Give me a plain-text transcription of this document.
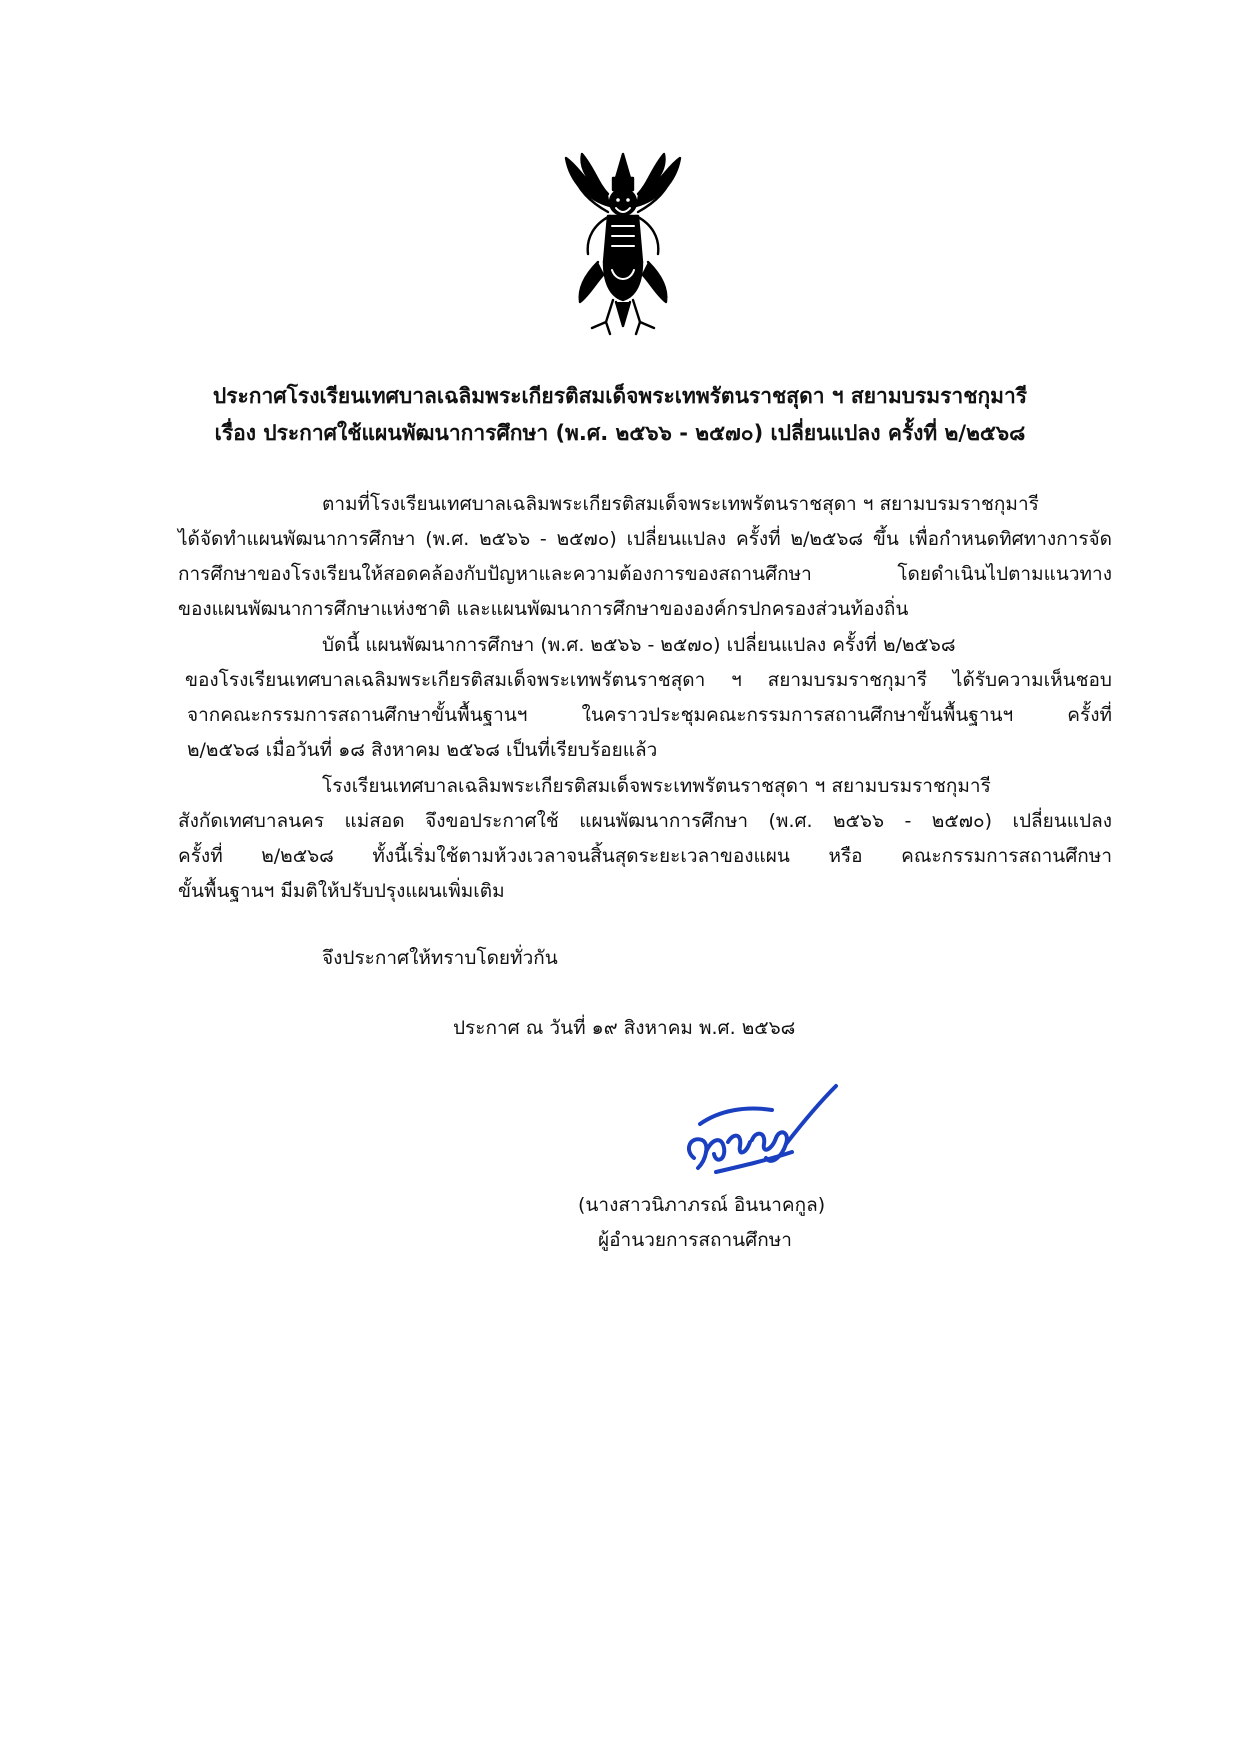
ประกาศโรงเรียนเทศบาลเฉลิมพระเกียรติสมเด็จพระเทพรัตนราชสุดา ฯ สยามบรมราชกุมารี
เรื่อง ประกาศใช้แผนพัฒนาการศึกษา (พ.ศ. ๒๕๖๖ - ๒๕๗๐) เปลี่ยนแปลง ครั้งที่ ๒/๒๕๖๘
ตามที่โรงเรียนเทศบาลเฉลิมพระเกียรติสมเด็จพระเทพรัตนราชสุดา ฯ สยามบรมราชกุมารี
ได้จัดทำแผนพัฒนาการศึกษา (พ.ศ. ๒๕๖๖ - ๒๕๗๐) เปลี่ยนแปลง ครั้งที่ ๒/๒๕๖๘ ขึ้น เพื่อกำหนดทิศทางการจัด
การศึกษาของโรงเรียนให้สอดคล้องกับปัญหาและความต้องการของสถานศึกษา โดยดำเนินไปตามแนวทาง
ของแผนพัฒนาการศึกษาแห่งชาติ และแผนพัฒนาการศึกษาขององค์กรปกครองส่วนท้องถิ่น
บัดนี้ แผนพัฒนาการศึกษา (พ.ศ. ๒๕๖๖ - ๒๕๗๐) เปลี่ยนแปลง ครั้งที่ ๒/๒๕๖๘
ของโรงเรียนเทศบาลเฉลิมพระเกียรติสมเด็จพระเทพรัตนราชสุดา ฯ สยามบรมราชกุมารี ได้รับความเห็นชอบ
จากคณะกรรมการสถานศึกษาขั้นพื้นฐานฯ ในคราวประชุมคณะกรรมการสถานศึกษาขั้นพื้นฐานฯ ครั้งที่
๒/๒๕๖๘ เมื่อวันที่ ๑๘ สิงหาคม ๒๕๖๘ เป็นที่เรียบร้อยแล้ว
โรงเรียนเทศบาลเฉลิมพระเกียรติสมเด็จพระเทพรัตนราชสุดา ฯ สยามบรมราชกุมารี
สังกัดเทศบาลนคร แม่สอด จึงขอประกาศใช้ แผนพัฒนาการศึกษา (พ.ศ. ๒๕๖๖ - ๒๕๗๐) เปลี่ยนแปลง
ครั้งที่ ๒/๒๕๖๘ ทั้งนี้เริ่มใช้ตามห้วงเวลาจนสิ้นสุดระยะเวลาของแผน หรือ คณะกรรมการสถานศึกษา
ขั้นพื้นฐานฯ มีมติให้ปรับปรุงแผนเพิ่มเติม
จึงประกาศให้ทราบโดยทั่วกัน
ประกาศ ณ วันที่ ๑๙ สิงหาคม พ.ศ. ๒๕๖๘
(นางสาวนิภาภรณ์ อินนาคกูล)
ผู้อำนวยการสถานศึกษา
